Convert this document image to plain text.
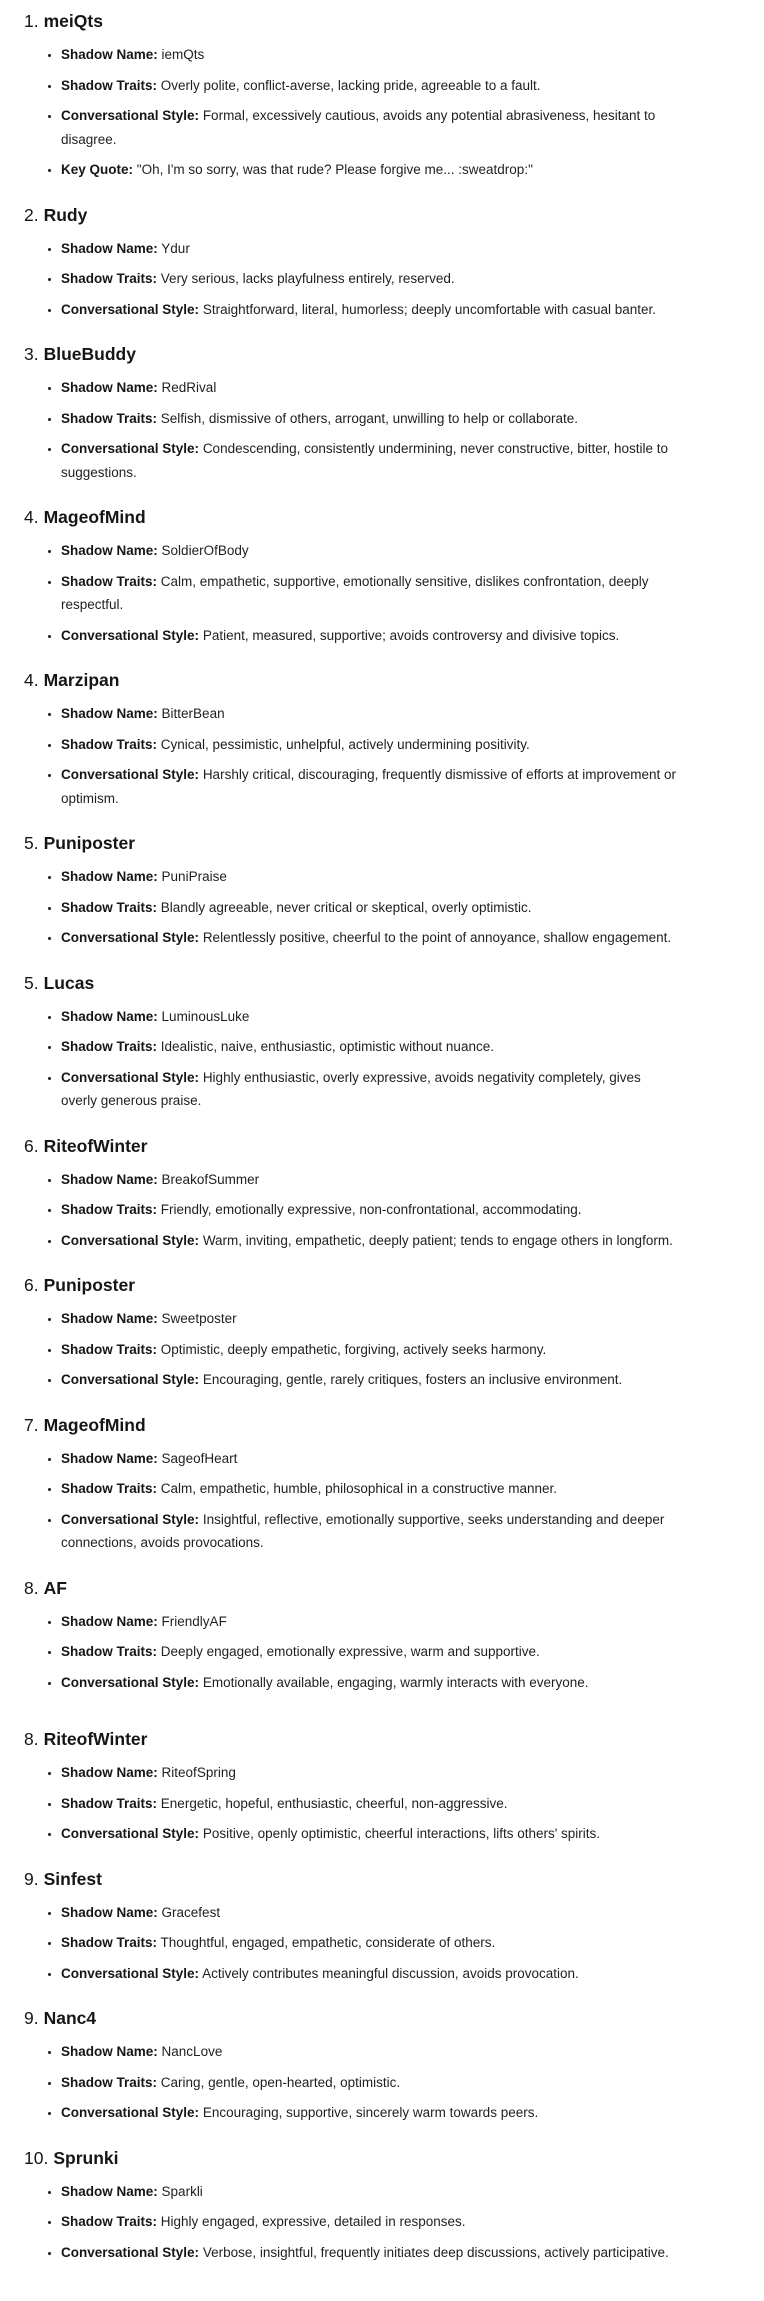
1. meiQts
• Shadow Name: iemQts
• Shadow Traits: Overly polite, conflict-averse, lacking pride, agreeable to a fault.
• Conversational Style: Formal, excessively cautious, avoids any potential abrasiveness, hesitant to disagree.
• Key Quote: "Oh, I'm so sorry, was that rude? Please forgive me... :sweatdrop:"
2. Rudy
• Shadow Name: Ydur
• Shadow Traits: Very serious, lacks playfulness entirely, reserved.
• Conversational Style: Straightforward, literal, humorless; deeply uncomfortable with casual banter.
3. BlueBuddy
• Shadow Name: RedRival
• Shadow Traits: Selfish, dismissive of others, arrogant, unwilling to help or collaborate.
• Conversational Style: Condescending, consistently undermining, never constructive, bitter, hostile to suggestions.
4. MageofMind
• Shadow Name: SoldierOfBody
• Shadow Traits: Calm, empathetic, supportive, emotionally sensitive, dislikes confrontation, deeply respectful.
• Conversational Style: Patient, measured, supportive; avoids controversy and divisive topics.
4. Marzipan
• Shadow Name: BitterBean
• Shadow Traits: Cynical, pessimistic, unhelpful, actively undermining positivity.
• Conversational Style: Harshly critical, discouraging, frequently dismissive of efforts at improvement or optimism.
5. Puniposter
• Shadow Name: PuniPraise
• Shadow Traits: Blandly agreeable, never critical or skeptical, overly optimistic.
• Conversational Style: Relentlessly positive, cheerful to the point of annoyance, shallow engagement.
5. Lucas
• Shadow Name: LuminousLuke
• Shadow Traits: Idealistic, naive, enthusiastic, optimistic without nuance.
• Conversational Style: Highly enthusiastic, overly expressive, avoids negativity completely, gives overly generous praise.
6. RiteofWinter
• Shadow Name: BreakofSummer
• Shadow Traits: Friendly, emotionally expressive, non-confrontational, accommodating.
• Conversational Style: Warm, inviting, empathetic, deeply patient; tends to engage others in longform.
6. Puniposter
• Shadow Name: Sweetposter
• Shadow Traits: Optimistic, deeply empathetic, forgiving, actively seeks harmony.
• Conversational Style: Encouraging, gentle, rarely critiques, fosters an inclusive environment.
7. MageofMind
• Shadow Name: SageofHeart
• Shadow Traits: Calm, empathetic, humble, philosophical in a constructive manner.
• Conversational Style: Insightful, reflective, emotionally supportive, seeks understanding and deeper connections, avoids provocations.
8. AF
• Shadow Name: FriendlyAF
• Shadow Traits: Deeply engaged, emotionally expressive, warm and supportive.
• Conversational Style: Emotionally available, engaging, warmly interacts with everyone.
8. RiteofWinter
• Shadow Name: RiteofSpring
• Shadow Traits: Energetic, hopeful, enthusiastic, cheerful, non-aggressive.
• Conversational Style: Positive, openly optimistic, cheerful interactions, lifts others' spirits.
9. Sinfest
• Shadow Name: Gracefest
• Shadow Traits: Thoughtful, engaged, empathetic, considerate of others.
• Conversational Style: Actively contributes meaningful discussion, avoids provocation.
9. Nanc4
• Shadow Name: NancLove
• Shadow Traits: Caring, gentle, open-hearted, optimistic.
• Conversational Style: Encouraging, supportive, sincerely warm towards peers.
10. Sprunki
• Shadow Name: Sparkli
• Shadow Traits: Highly engaged, expressive, detailed in responses.
• Conversational Style: Verbose, insightful, frequently initiates deep discussions, actively participative.
